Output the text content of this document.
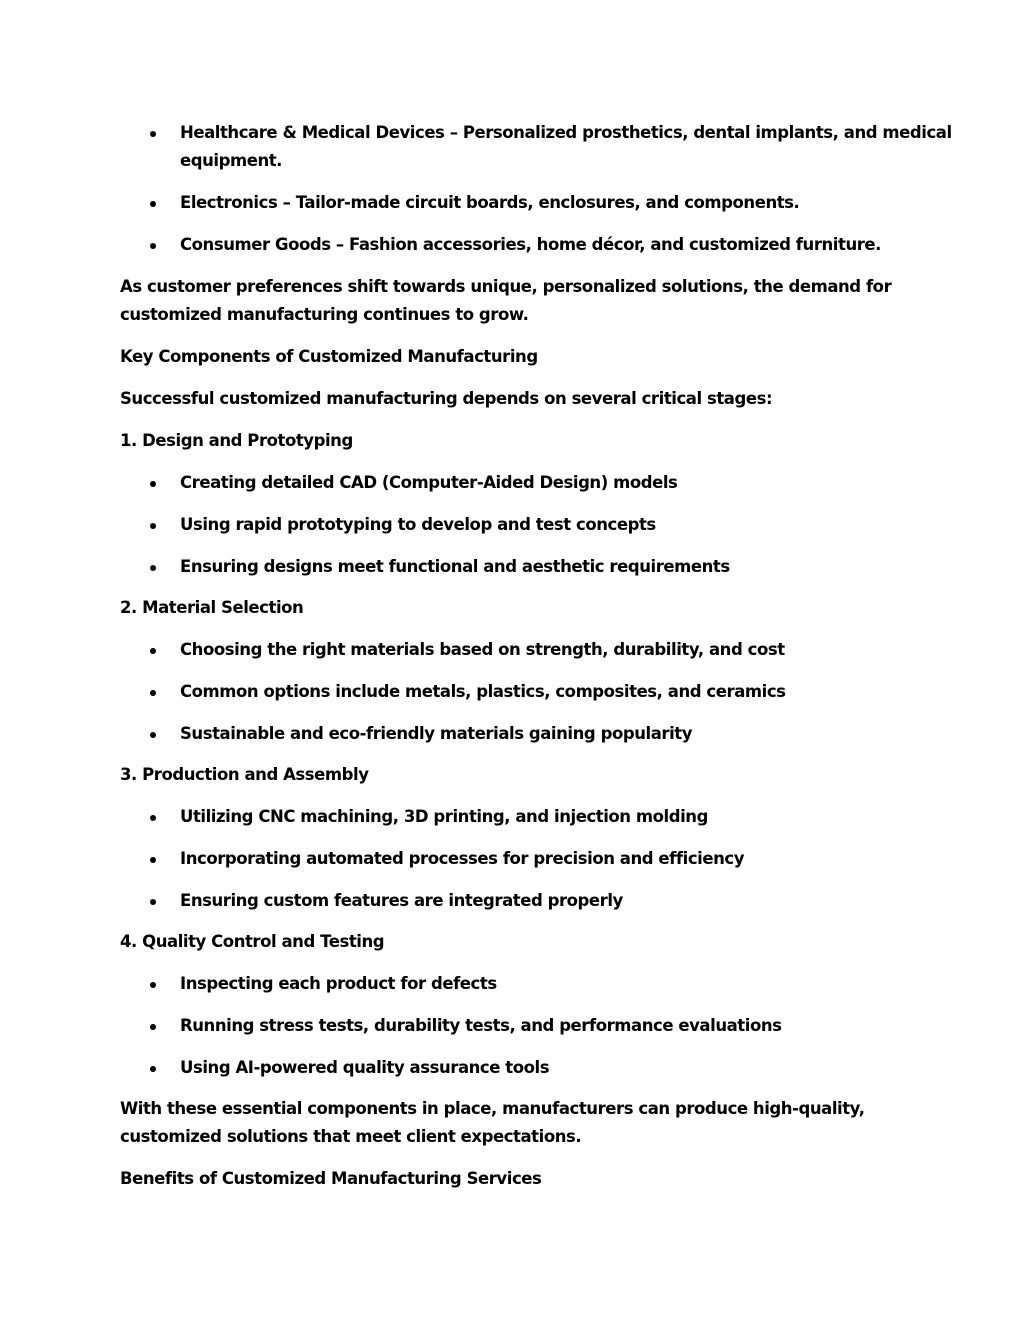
Healthcare & Medical Devices – Personalized prosthetics, dental implants, and medical
equipment.
Electronics – Tailor-made circuit boards, enclosures, and components.
Consumer Goods – Fashion accessories, home décor, and customized furniture.
As customer preferences shift towards unique, personalized solutions, the demand for
customized manufacturing continues to grow.
Key Components of Customized Manufacturing
Successful customized manufacturing depends on several critical stages:
1. Design and Prototyping
Creating detailed CAD (Computer-Aided Design) models
Using rapid prototyping to develop and test concepts
Ensuring designs meet functional and aesthetic requirements
2. Material Selection
Choosing the right materials based on strength, durability, and cost
Common options include metals, plastics, composites, and ceramics
Sustainable and eco-friendly materials gaining popularity
3. Production and Assembly
Utilizing CNC machining, 3D printing, and injection molding
Incorporating automated processes for precision and efficiency
Ensuring custom features are integrated properly
4. Quality Control and Testing
Inspecting each product for defects
Running stress tests, durability tests, and performance evaluations
Using AI-powered quality assurance tools
With these essential components in place, manufacturers can produce high-quality,
customized solutions that meet client expectations.
Benefits of Customized Manufacturing Services
